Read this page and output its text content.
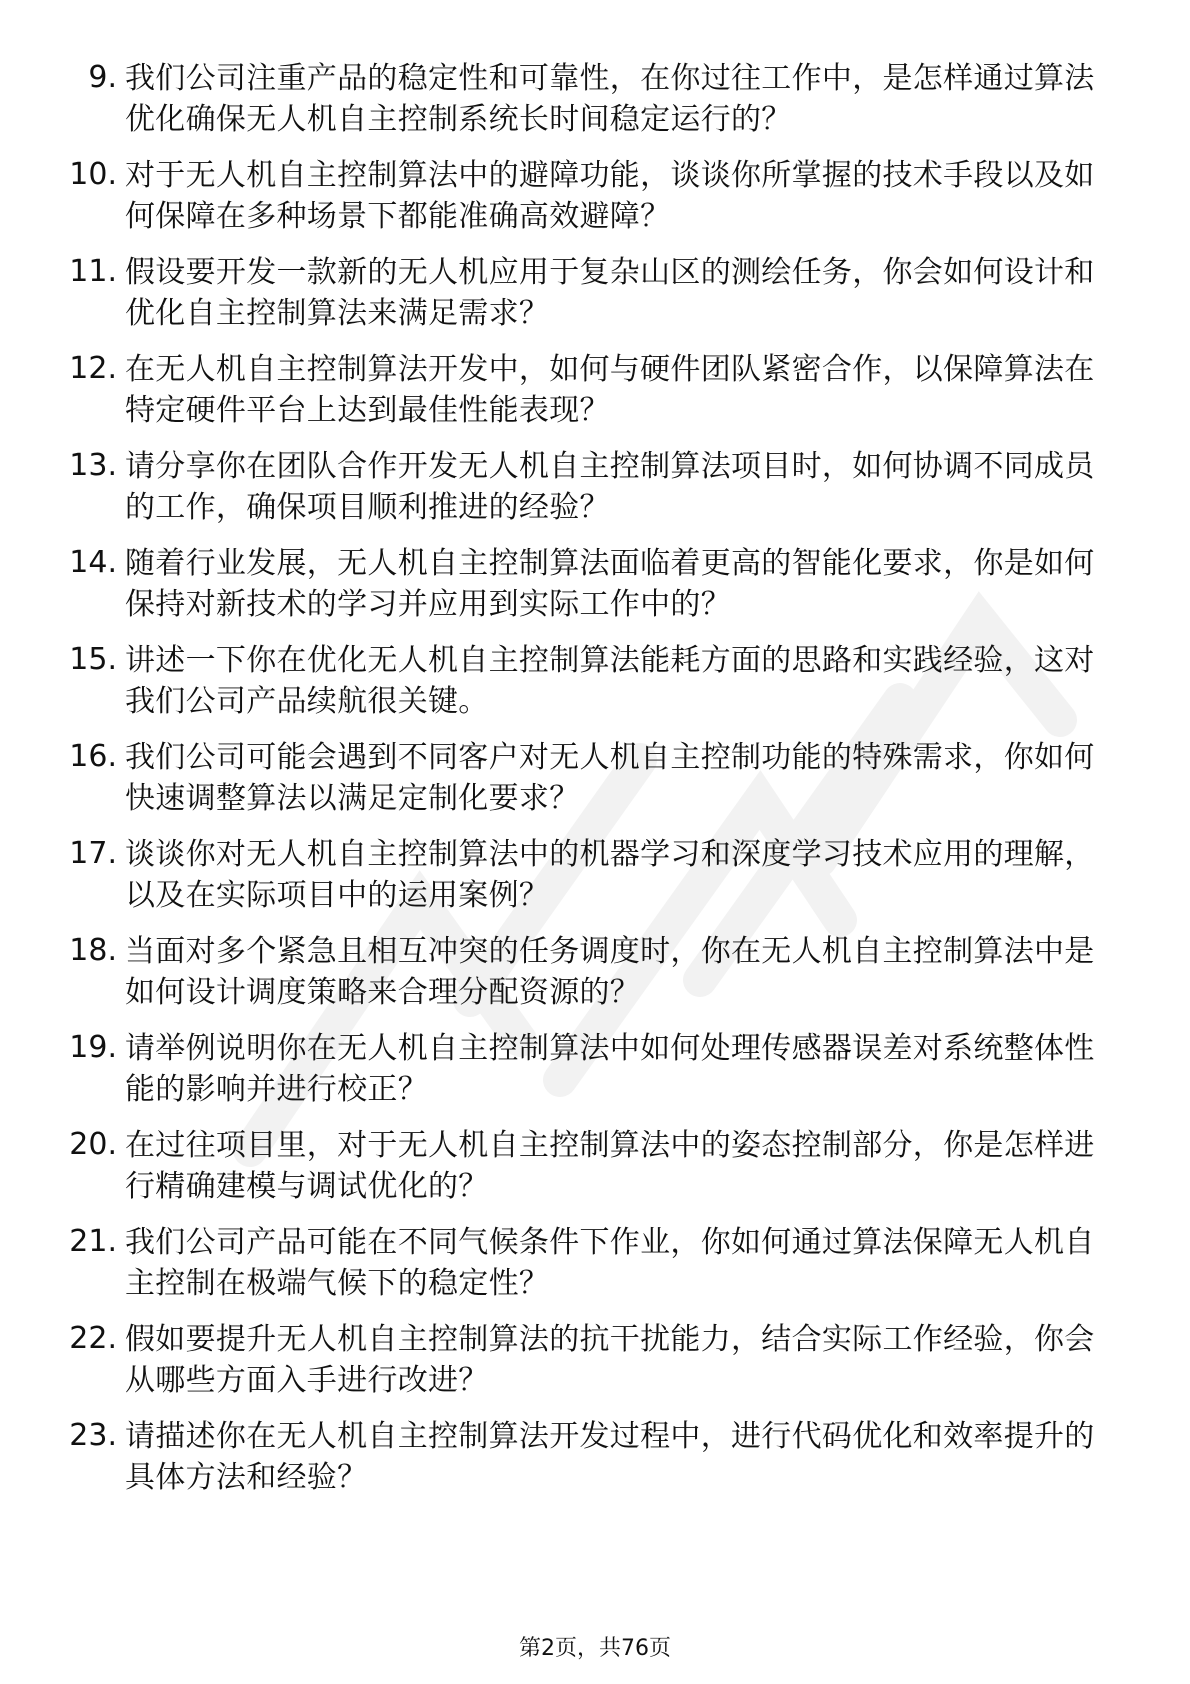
9. 我们公司注重产品的稳定性和可靠性，在你过往工作中，是怎样通过算法优化确保无人机自主控制系统长时间稳定运行的？
10. 对于无人机自主控制算法中的避障功能，谈谈你所掌握的技术手段以及如何保障在多种场景下都能准确高效避障？
11. 假设要开发一款新的无人机应用于复杂山区的测绘任务，你会如何设计和优化自主控制算法来满足需求？
12. 在无人机自主控制算法开发中，如何与硬件团队紧密合作，以保障算法在特定硬件平台上达到最佳性能表现？
13. 请分享你在团队合作开发无人机自主控制算法项目时，如何协调不同成员的工作，确保项目顺利推进的经验？
14. 随着行业发展，无人机自主控制算法面临着更高的智能化要求，你是如何保持对新技术的学习并应用到实际工作中的？
15. 讲述一下你在优化无人机自主控制算法能耗方面的思路和实践经验，这对我们公司产品续航很关键。
16. 我们公司可能会遇到不同客户对无人机自主控制功能的特殊需求，你如何快速调整算法以满足定制化要求？
17. 谈谈你对无人机自主控制算法中的机器学习和深度学习技术应用的理解，以及在实际项目中的运用案例？
18. 当面对多个紧急且相互冲突的任务调度时，你在无人机自主控制算法中是如何设计调度策略来合理分配资源的？
19. 请举例说明你在无人机自主控制算法中如何处理传感器误差对系统整体性能的影响并进行校正？
20. 在过往项目里，对于无人机自主控制算法中的姿态控制部分，你是怎样进行精确建模与调试优化的？
21. 我们公司产品可能在不同气候条件下作业，你如何通过算法保障无人机自主控制在极端气候下的稳定性？
22. 假如要提升无人机自主控制算法的抗干扰能力，结合实际工作经验，你会从哪些方面入手进行改进？
23. 请描述你在无人机自主控制算法开发过程中，进行代码优化和效率提升的具体方法和经验？
第2页，共76页
